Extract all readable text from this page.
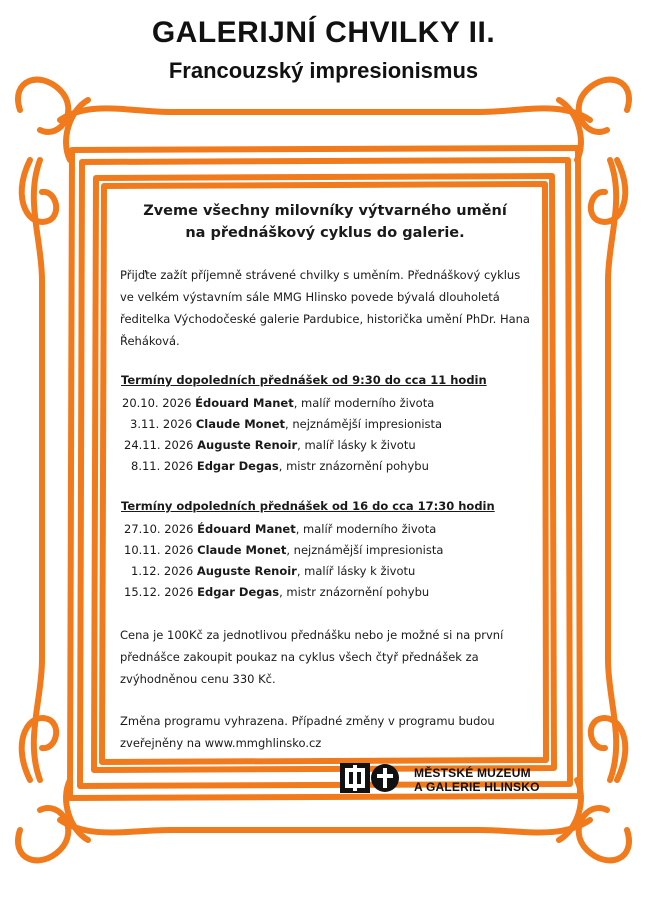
GALERIJNÍ CHVILKY II.
Francouzský impresionismus
Zveme všechny milovníky výtvarného umění
na přednáškový cyklus do galerie.
Přijďte zažít příjemně strávené chvilky s uměním. Přednáškový cyklus ve velkém výstavním sále MMG Hlinsko povede bývalá dlouholetá ředitelka Východočeské galerie Pardubice, historička umění PhDr. Hana Řeháková.
Termíny dopoledních přednášek od 9:30 do cca 11 hodin
20.10. 2026 Édouard Manet, malíř moderního života
3.11. 2026 Claude Monet, nejznámější impresionista
24.11. 2026 Auguste Renoir, malíř lásky k životu
8.11. 2026 Edgar Degas, mistr znázornění pohybu
Termíny odpoledních přednášek od 16 do cca 17:30 hodin
27.10. 2026 Édouard Manet, malíř moderního života
10.11. 2026 Claude Monet, nejznámější impresionista
1.12. 2026 Auguste Renoir, malíř lásky k životu
15.12. 2026 Edgar Degas, mistr znázornění pohybu
Cena je 100Kč za jednotlivou přednášku nebo je možné si na první přednášce zakoupit poukaz na cyklus všech čtyř přednášek za zvýhodněnou cenu 330 Kč.
Změna programu vyhrazena. Případné změny v programu budou zveřejněny na www.mmghlinsko.cz
MĚSTSKÉ MUZEUM
A GALERIE HLINSKO
